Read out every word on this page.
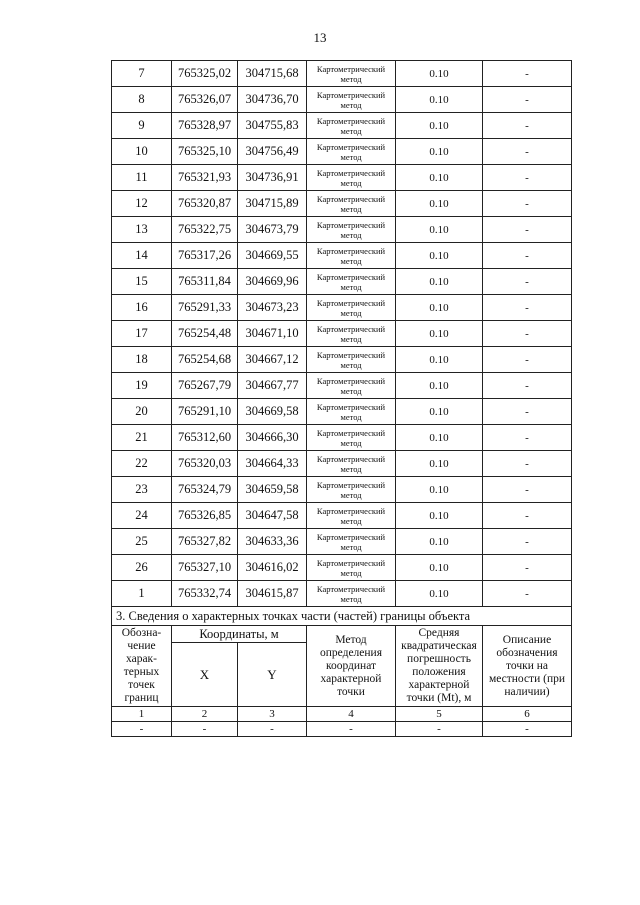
13
7	765325,02	304715,68	Картометрический метод	0.10	-
8	765326,07	304736,70	Картометрический метод	0.10	-
9	765328,97	304755,83	Картометрический метод	0.10	-
10	765325,10	304756,49	Картометрический метод	0.10	-
11	765321,93	304736,91	Картометрический метод	0.10	-
12	765320,87	304715,89	Картометрический метод	0.10	-
13	765322,75	304673,79	Картометрический метод	0.10	-
14	765317,26	304669,55	Картометрический метод	0.10	-
15	765311,84	304669,96	Картометрический метод	0.10	-
16	765291,33	304673,23	Картометрический метод	0.10	-
17	765254,48	304671,10	Картометрический метод	0.10	-
18	765254,68	304667,12	Картометрический метод	0.10	-
19	765267,79	304667,77	Картометрический метод	0.10	-
20	765291,10	304669,58	Картометрический метод	0.10	-
21	765312,60	304666,30	Картометрический метод	0.10	-
22	765320,03	304664,33	Картометрический метод	0.10	-
23	765324,79	304659,58	Картометрический метод	0.10	-
24	765326,85	304647,58	Картометрический метод	0.10	-
25	765327,82	304633,36	Картометрический метод	0.10	-
26	765327,10	304616,02	Картометрический метод	0.10	-
1	765332,74	304615,87	Картометрический метод	0.10	-
3. Сведения о характерных точках части (частей) границы объекта					
Обозна-чение харак-терных точек границ	Координаты, м		Метод определения координат характерной точки	Средняя квадратическая погрешность положения характерной точки (Mt), м	Описание обозначения точки на местности (при наличии)
	X	Y			
1	2	3	4	5	6
-	-	-	-	-	-
